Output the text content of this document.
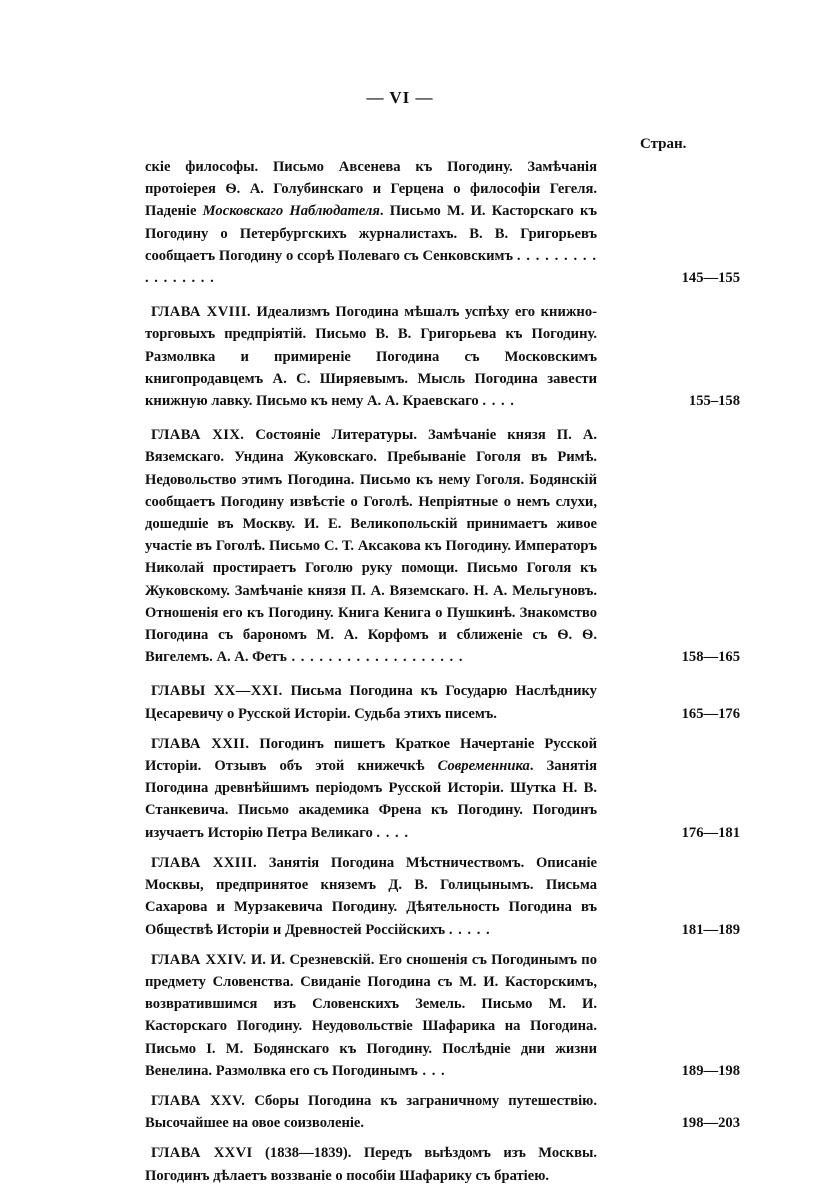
— VI —
Стран.
скіе философы. Письмо Авсенева къ Погодину. Замѣчанія протоіерея Ѳ. А. Голубинскаго и Герцена о философіи Гегеля. Паденіе Московскаго Наблюдателя. Письмо М. И. Касторскаго къ Погодину о Петербургскихъ журналистахъ. В. В. Григорьевъ сообщаетъ Погодину о ссорѣ Полеваго съ Сенковскимъ . . . . . . . . . . . . . . . . .	145—155
ГЛАВА XVIII. Идеализмъ Погодина мѣшалъ успѣху его книжно-торговыхъ предпріятій. Письмо В. В. Григорьева къ Погодину. Размолвка и примиреніе Погодина съ Московскимъ книгопродавцемъ А. С. Ширяевымъ. Мысль Погодина завести книжную лавку. Письмо къ нему А. А. Краевскаго . . . .	155–158
ГЛАВА XIX. Состояніе Литературы. Замѣчаніе князя П. А. Вяземскаго. Ундина Жуковскаго. Пребываніе Гоголя въ Римѣ. Недовольство этимъ Погодина. Письмо къ нему Гоголя. Бодянскій сообщаетъ Погодину извѣстіе о Гоголѣ. Непріятные о немъ слухи, дошедшіе въ Москву. И. Е. Великопольскій принимаетъ живое участіе въ Гоголѣ. Письмо С. Т. Аксакова къ Погодину. Императоръ Николай простираетъ Гоголю руку помощи. Письмо Гоголя къ Жуковскому. Замѣчаніе князя П. А. Вяземскаго. Н. А. Мельгуновъ. Отношенія его къ Погодину. Книга Кенига о Пушкинѣ. Знакомство Погодина съ барономъ М. А. Корфомъ и сближеніе съ Ѳ. Ѳ. Вигелемъ. А. А. Фетъ . . . . . . . . . . . . . . . . . . .	158—165
ГЛАВЫ XX—XXI. Письма Погодина къ Государю Наслѣднику Цесаревичу о Русской Исторіи. Судьба этихъ писемъ.	165—176
ГЛАВА XXII. Погодинъ пишетъ Краткое Начертаніе Русской Исторіи. Отзывъ объ этой книжечкѣ Современника. Занятія Погодина древнѣйшимъ періодомъ Русской Исторіи. Шутка Н. В. Станкевича. Письмо академика Френа къ Погодину. Погодинъ изучаетъ Исторію Петра Великаго . . . .	176—181
ГЛАВА XXIII. Занятія Погодина Мѣстничествомъ. Описаніе Москвы, предпринятое княземъ Д. В. Голицынымъ. Письма Сахарова и Мурзакевича Погодину. Дѣятельность Погодина въ Обществѣ Исторіи и Древностей Россійскихъ . . . . .	181—189
ГЛАВА XXIV. И. И. Срезневскій. Его сношенія съ Погодинымъ по предмету Словенства. Свиданіе Погодина съ М. И. Касторскимъ, возвратившимся изъ Словенскихъ Земель. Письмо М. И. Касторскаго Погодину. Неудовольствіе Шафарика на Погодина. Письмо І. М. Бодянскаго къ Погодину. Послѣдніе дни жизни Венелина. Размолвка его съ Погодинымъ . . .	189—198
ГЛАВА XXV. Сборы Погодина къ заграничному путешествію. Высочайшее на овое соизволеніе.	198—203
ГЛАВА XXVI (1838—1839). Передъ выѣздомъ изъ Москвы. Погодинъ дѣлаетъ воззваніе о пособіи Шафарику съ братіею.
